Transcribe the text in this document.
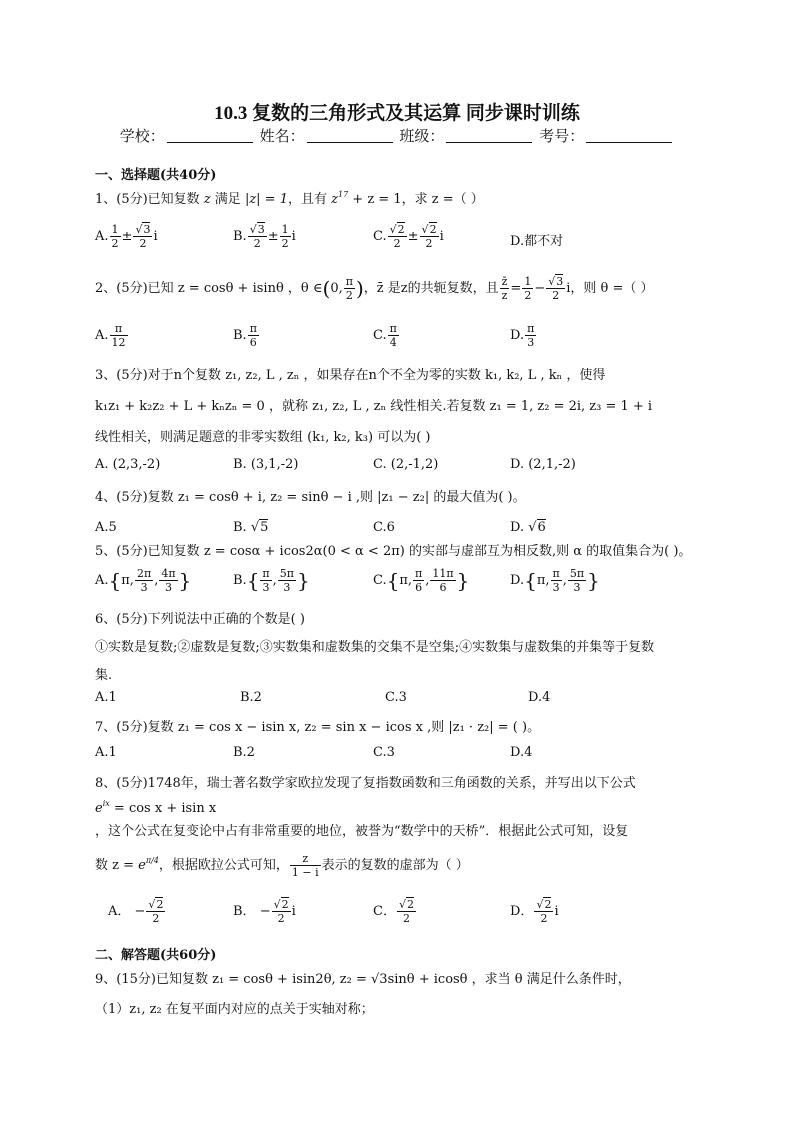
10.3 复数的三角形式及其运算 同步课时训练
学校：	姓名：	班级：	考号：
一、选择题(共40分)
1、(5分)已知复数 z 满足 |z| = 1，且有 $z^{17} + z = 1$，求 z =（ ）
A. $\frac{1}{2} \pm \frac{√3}{2}$ i	B. $\frac{√3}{2} \pm \frac{1}{2}$ i	C. $\frac{√2}{2} \pm \frac{√2}{2}$ i	D.都不对
2、(5分)已知 z = cosθ + isinθ ，θ ∈(0, $\frac{\pi}{2}$ )，z̄ 是z的共轭复数，且 $\frac{z̄}{z} = \frac{1}{2} - \frac{√3}{2}$ i，则 θ =（ ）
A. $\frac{\pi}{12}$	B. $\frac{\pi}{6}$	C. $\frac{\pi}{4}$	D. $\frac{\pi}{3}$
3、(5分)对于n个复数 z₁, z₂, L , zₙ ，如果存在n个不全为零的实数 k₁, k₂, L , kₙ ，使得
k₁z₁ + k₂z₂ + L + kₙzₙ = 0 ，就称 z₁, z₂, L , zₙ 线性相关.若复数 z₁ = 1, z₂ = 2i, z₃ = 1 + i
线性相关，则满足题意的非零实数组 (k₁, k₂, k₃) 可以为( )
A. (2,3,-2)	B. (3,1,-2)	C. (2,-1,2)	D. (2,1,-2)
4、(5分)复数 z₁ = cosθ + i, z₂ = sinθ − i ,则 |z₁ − z₂| 的最大值为( )。
A.5	B. √5	C.6	D. √6
5、(5分)已知复数 z = cosα + icos2α(0 < α < 2π) 的实部与虚部互为相反数,则 α 的取值集合为( )。
A.{π, $\frac{2\pi}{3}$ , $\frac{4\pi}{3}$ }	$B.\{ \frac{\pi}{3}$ , $\frac{5\pi}{3}$ }	C.{π, $\frac{\pi}{6}$ , $\frac{11\pi}{6}$ }	D.{π, $\frac{\pi}{3}$ , $\frac{5\pi}{3}$ }
6、(5分)下列说法中正确的个数是( )
①实数是复数;②虚数是复数;③实数集和虚数集的交集不是空集;④实数集与虚数集的并集等于复数
集.
A.1	B.2	C.3	D.4
7、(5分)复数 z₁ = cos x − isin x, z₂ = sin x − icos x ,则 |z₁ · z₂| = ( )。
A.1	B.2	C.3	D.4
8、(5分)1748年，瑞士著名数学家欧拉发现了复指数函数和三角函数的关系，并写出以下公式
$e^{ix} = \cos x + isin$ x
，这个公式在复变论中占有非常重要的地位，被誉为“数学中的天桥”．根据此公式可知，设复
数 $z = e^{\pi/4}$，根据欧拉公式可知， $\frac{z}{1 - i}$ 表示的复数的虚部为（ ）
A． − $\frac{√2}{2}$	B． − $\frac{√2}{2}$ i	C． $\frac{√2}{2}$	D． $\frac{√2}{2}$ i
二、解答题(共60分)
9、(15分)已知复数 z₁ = cosθ + isin2θ, z₂ = √3sinθ + icosθ ，求当 θ 满足什么条件时，
（1）z₁, z₂ 在复平面内对应的点关于实轴对称；
